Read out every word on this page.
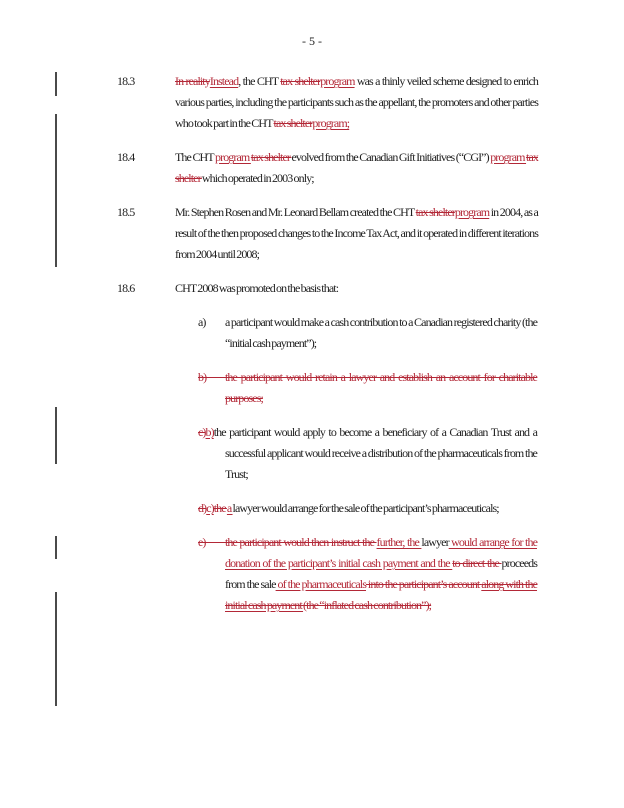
- 5 -
18.3	In realityInstead, the CHT tax shelterprogram was a thinly veiled scheme designed to enrich various parties, including the participants such as the appellant, the promoters and other parties who took part in the CHT tax shelterprogram;
18.4	The CHT program tax shelter evolved from the Canadian Gift Initiatives (“CGI”) program tax shelter which operated in 2003 only;
18.5	Mr. Stephen Rosen and Mr. Leonard Bellam created the CHT tax shelterprogram in 2004, as a result of the then proposed changes to the Income Tax Act, and it operated in different iterations from 2004 until 2008;
18.6	CHT 2008 was promoted on the basis that:
a) a participant would make a cash contribution to a Canadian registered charity (the “initial cash payment”);
b) the participant would retain a lawyer and establish an account for charitable purposes;
c)b)the participant would apply to become a beneficiary of a Canadian Trust and a successful applicant would receive a distribution of the pharmaceuticals from the Trust;
d)c)the a lawyer would arrange for the sale of the participant’s pharmaceuticals;
e) the participant would then instruct the further, the lawyer would arrange for the donation of the participant’s initial cash payment and the to direct the proceeds from the sale of the pharmaceuticals into the participant’s account along with the initial cash payment (the “inflated cash contribution”);
